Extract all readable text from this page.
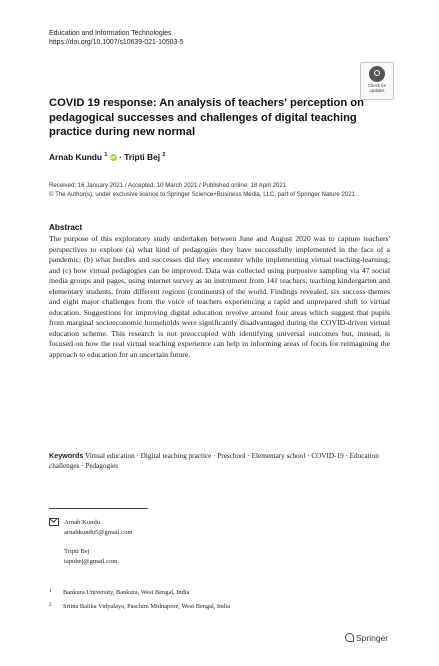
Education and Information Technologies
https://doi.org/10.1007/s10639-021-10503-5
Check for
updates
COVID 19 response: An analysis of teachers' perception on pedagogical successes and challenges of digital teaching practice during new normal
Arnab Kundu $^1$ iD · Tripti Bej $^2$
Received: 16 January 2021 / Accepted: 10 March 2021 / Published online: 18 April 2021
© The Author(s), under exclusive licence to Springer Science+Business Media, LLC, part of Springer Nature 2021
Abstract
The purpose of this exploratory study undertaken between June and August 2020 was to capture teachers' perspectives to explore (a) what kind of pedagogies they have successfully implemented in the face of a pandemic; (b) what hurdles and successes did they encounter while implementing virtual teaching-learning; and (c) how virtual pedagogies can be improved. Data was collected using purposive sampling via 47 social media groups and pages, using internet survey as an instrument from 141 teachers, teaching kindergarten and elementary students, from different regions (continents) of the world. Findings revealed, six success themes and eight major challenges from the voice of teachers experiencing a rapid and unprepared shift to virtual education. Suggestions for improving digital education revolve around four areas which suggest that pupils from marginal socioeconomic households were significantly disadvantaged during the COVID-driven virtual education scheme. This research is not preoccupied with identifying universal outcomes but, instead, is focused on how the real virtual teaching experience can help in informing areas of focus for reimagining the approach to education for an uncertain future.
Keywords Virtual education · Digital teaching practice · Preschool · Elementary school · COVID-19 · Education challenges · Pedagogies
Arnab Kundu
arnabkundu5@gmail.com
Tripti Bej
tapubej@gmail.com
1 Bankura University, Bankura, West Bengal, India
2 Sriina Balika Vidyalaya, Paschim Midnapore, West Bengal, India
Springer
